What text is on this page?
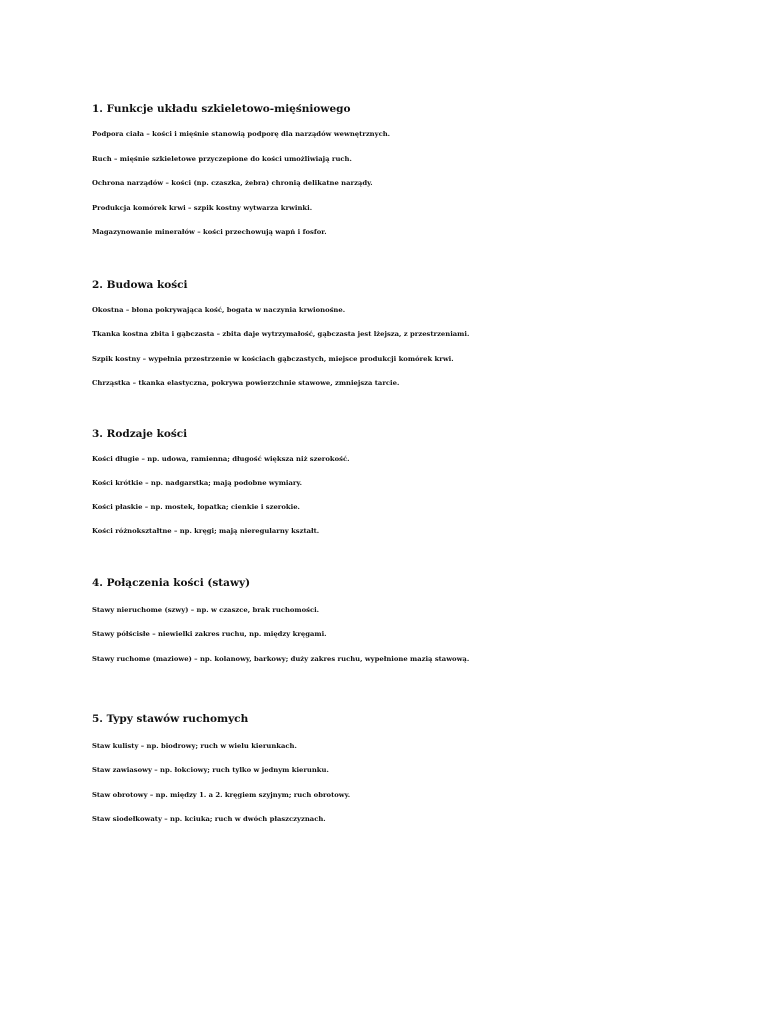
1. Funkcje układu szkieletowo-mięśniowego

Podpora ciała – kości i mięśnie stanowią podporę dla narządów wewnętrznych.

Ruch – mięśnie szkieletowe przyczepione do kości umożliwiają ruch.

Ochrona narządów – kości (np. czaszka, żebra) chronią delikatne narządy.

Produkcja komórek krwi – szpik kostny wytwarza krwinki.

Magazynowanie minerałów – kości przechowują wapń i fosfor.

2. Budowa kości

Okostna – błona pokrywająca kość, bogata w naczynia krwionośne.

Tkanka kostna zbita i gąbczasta – zbita daje wytrzymałość, gąbczasta jest lżejsza, z przestrzeniami.

Szpik kostny – wypełnia przestrzenie w kościach gąbczastych, miejsce produkcji komórek krwi.

Chrząstka – tkanka elastyczna, pokrywa powierzchnie stawowe, zmniejsza tarcie.

3. Rodzaje kości

Kości długie – np. udowa, ramienna; długość większa niż szerokość.

Kości krótkie – np. nadgarstka; mają podobne wymiary.

Kości płaskie – np. mostek, łopatka; cienkie i szerokie.

Kości różnokształtne – np. kręgi; mają nieregularny kształt.

4. Połączenia kości (stawy)

Stawy nieruchome (szwy) – np. w czaszce, brak ruchomości.

Stawy półścisłe – niewielki zakres ruchu, np. między kręgami.

Stawy ruchome (maziowe) – np. kolanowy, barkowy; duży zakres ruchu, wypełnione mazią stawową.

5. Typy stawów ruchomych

Staw kulisty – np. biodrowy; ruch w wielu kierunkach.

Staw zawiasowy – np. łokciowy; ruch tylko w jednym kierunku.

Staw obrotowy – np. między 1. a 2. kręgiem szyjnym; ruch obrotowy.

Staw siodełkowaty – np. kciuka; ruch w dwóch płaszczyznach.
